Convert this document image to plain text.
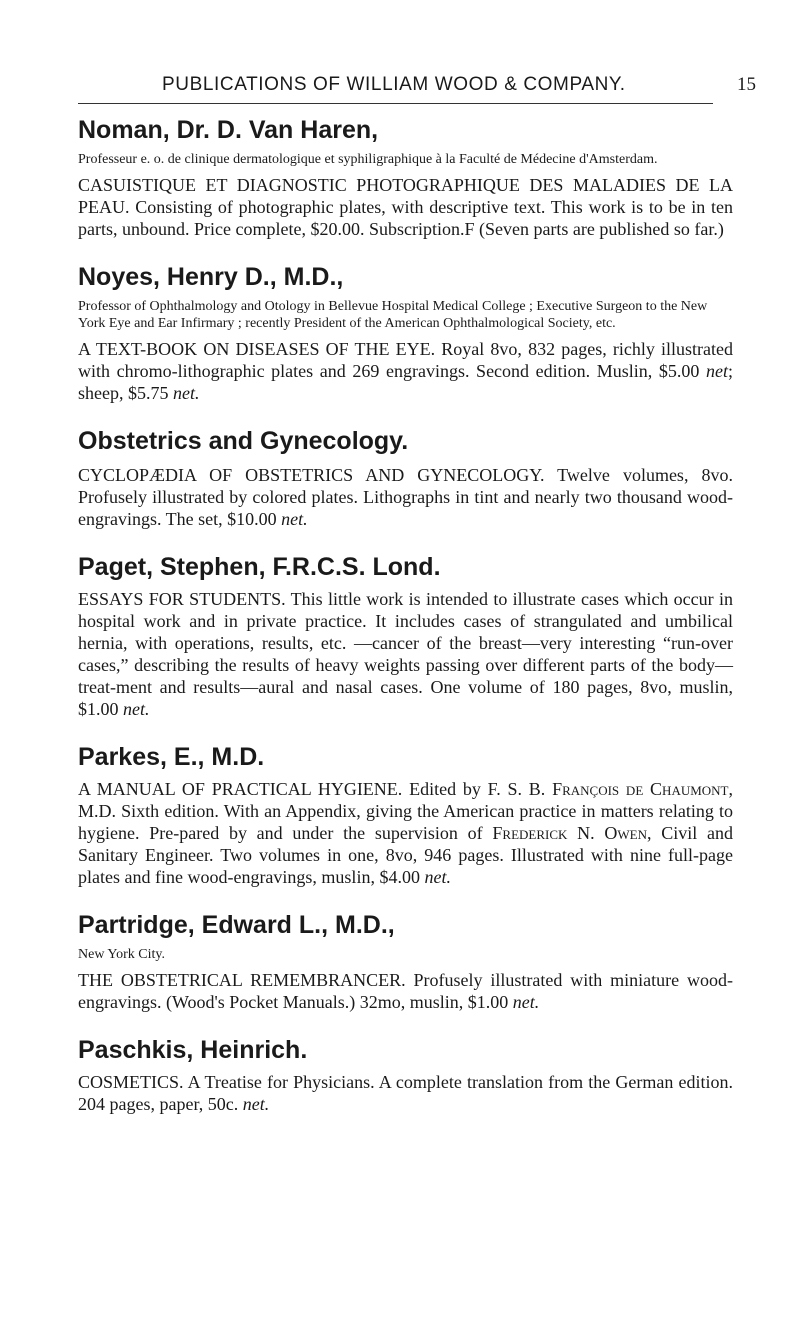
PUBLICATIONS OF WILLIAM WOOD & COMPANY.	15
Noman, Dr. D. Van Haren,
Professeur e. o. de clinique dermatologique et syphiligraphique à la Faculté de Médecine d'Amsterdam.

CASUISTIQUE ET DIAGNOSTIC PHOTOGRAPHIQUE DES MALADIES DE LA PEAU. Consisting of photographic plates, with descriptive text. This work is to be in ten parts, unbound. Price complete, $20.00. Subscription.F (Seven parts are published so far.)

Noyes, Henry D., M.D.,
Professor of Ophthalmology and Otology in Bellevue Hospital Medical College ; Executive Surgeon to the New York Eye and Ear Infirmary ; recently President of the American Ophthalmological Society, etc.

A TEXT-BOOK ON DISEASES OF THE EYE. Royal 8vo, 832 pages, richly illustrated with chromo-lithographic plates and 269 engravings. Second edition. Muslin, $5.00 net; sheep, $5.75 net.

Obstetrics and Gynecology.

CYCLOPÆDIA OF OBSTETRICS AND GYNECOLOGY. Twelve volumes, 8vo. Profusely illustrated by colored plates. Lithographs in tint and nearly two thousand wood-engravings. The set, $10.00 net.

Paget, Stephen, F.R.C.S. Lond.

ESSAYS FOR STUDENTS. This little work is intended to illustrate cases which occur in hospital work and in private practice. It includes cases of strangulated and umbilical hernia, with operations, results, etc. —cancer of the breast—very interesting “run-over cases,” describing the results of heavy weights passing over different parts of the body—treat-ment and results—aural and nasal cases. One volume of 180 pages, 8vo, muslin, $1.00 net.

Parkes, E., M.D.

A MANUAL OF PRACTICAL HYGIENE. Edited by F. S. B. François de Chaumont, M.D. Sixth edition. With an Appendix, giving the American practice in matters relating to hygiene. Pre-pared by and under the supervision of Frederick N. Owen, Civil and Sanitary Engineer. Two volumes in one, 8vo, 946 pages. Illustrated with nine full-page plates and fine wood-engravings, muslin, $4.00 net.

Partridge, Edward L., M.D.,
New York City.

THE OBSTETRICAL REMEMBRANCER. Profusely illustrated with miniature wood-engravings. (Wood's Pocket Manuals.) 32mo, muslin, $1.00 net.

Paschkis, Heinrich.

COSMETICS. A Treatise for Physicians. A complete translation from the German edition. 204 pages, paper, 50c. net.
